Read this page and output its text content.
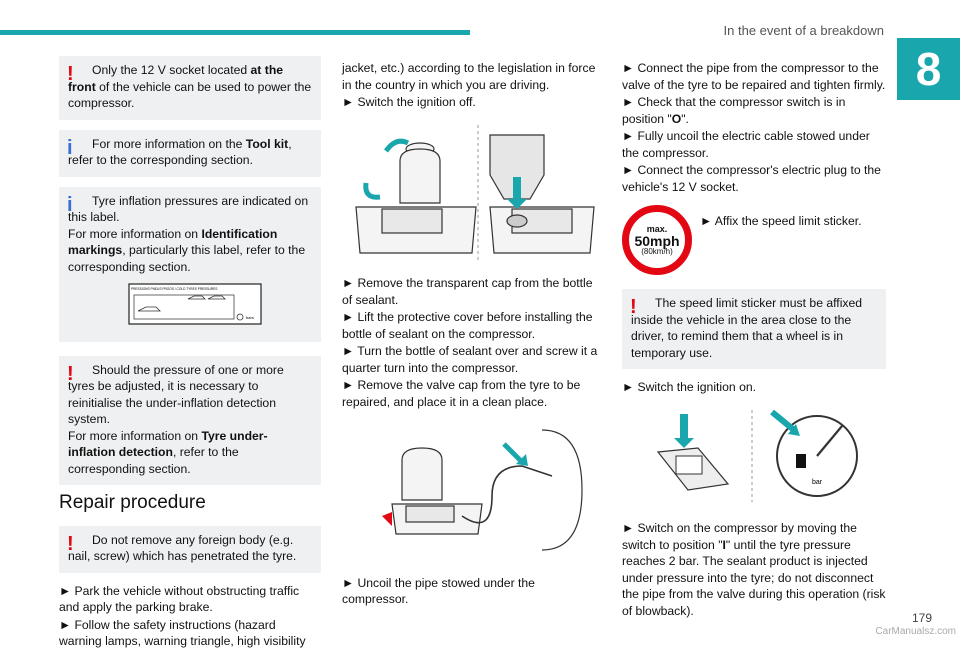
In the event of a breakdown
8
!	Only the 12 V socket located at the front of the vehicle can be used to power the compressor.

i	For more information on the Tool kit, refer to the corresponding section.

i	Tyre inflation pressures are indicated on this label.

For more information on Identification markings, particularly this label, refer to the corresponding section.

PRESSIONS PNEUS PROOS / COLD TYRES PRESSURES
bars
!	Should the pressure of one or more tyres be adjusted, it is necessary to reinitialise the under-inflation detection system.

For more information on Tyre under-inflation detection, refer to the corresponding section.

Repair procedure
!	Do not remove any foreign body (e.g. nail, screw) which has penetrated the tyre.

► Park the vehicle without obstructing traffic and apply the parking brake.

► Follow the safety instructions (hazard warning lamps, warning triangle, high visibility

jacket, etc.) according to the legislation in force in the country in which you are driving.

► Switch the ignition off.

► Remove the transparent cap from the bottle of sealant.

► Lift the protective cover before installing the bottle of sealant on the compressor.

► Turn the bottle of sealant over and screw it a quarter turn into the compressor.

► Remove the valve cap from the tyre to be repaired, and place it in a clean place.

► Uncoil the pipe stowed under the compressor.

► Connect the pipe from the compressor to the valve of the tyre to be repaired and tighten firmly.

► Check that the compressor switch is in position "O".

► Fully uncoil the electric cable stowed under the compressor.

► Connect the compressor's electric plug to the vehicle's 12 V socket.

max.
50mph
(80km/h)

► Affix the speed limit sticker.

!	The speed limit sticker must be affixed inside the vehicle in the area close to the driver, to remind them that a wheel is in temporary use.

► Switch the ignition on.

bar

► Switch on the compressor by moving the switch to position "I" until the tyre pressure reaches 2 bar. The sealant product is injected under pressure into the tyre; do not disconnect the pipe from the valve during this operation (risk of blowback).

179
CarManualsz.com
